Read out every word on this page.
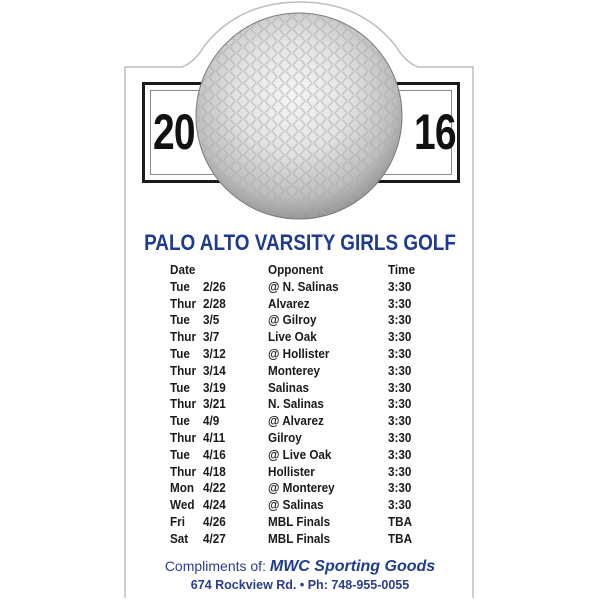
20	16
PALO ALTO VARSITY GIRLS GOLF
Date	Opponent	Time
Tue 2/26	@ N. Salinas	3:30
Thur 2/28	Alvarez	3:30
Tue 3/5	@ Gilroy	3:30
Thur 3/7	Live Oak	3:30
Tue 3/12	@ Hollister	3:30
Thur 3/14	Monterey	3:30
Tue 3/19	Salinas	3:30
Thur 3/21	N. Salinas	3:30
Tue 4/9	@ Alvarez	3:30
Thur 4/11	Gilroy	3:30
Tue 4/16	@ Live Oak	3:30
Thur 4/18	Hollister	3:30
Mon 4/22	@ Monterey	3:30
Wed 4/24	@ Salinas	3:30
Fri 4/26	MBL Finals	TBA
Sat 4/27	MBL Finals	TBA
Compliments of: MWC Sporting Goods
674 Rockview Rd. • Ph: 748-955-0055
